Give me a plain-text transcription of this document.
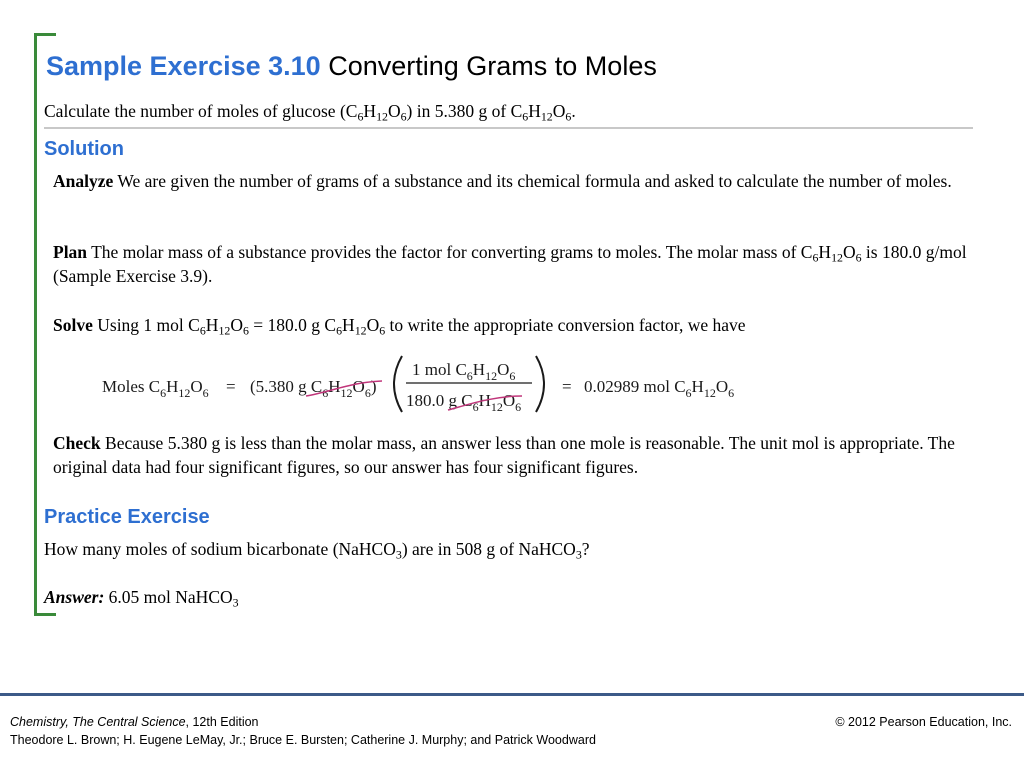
Sample Exercise 3.10 Converting Grams to Moles
Calculate the number of moles of glucose $(C_6H_{12}O_6)$ in 5.380 g of $C_6H_{12}O_6$.
Solution
Analyze We are given the number of grams of a substance and its chemical formula and asked to calculate the number of moles.
Plan The molar mass of a substance provides the factor for converting grams to moles. The molar mass of $C_6H_{12}O_6$ is 180.0 g/mol (Sample Exercise 3.9).
Solve Using 1 mol $C_6H_{12}O_6 = 180.0$ g $C_6H_{12}O_6$ to write the appropriate conversion factor, we have
Moles $C_6H_{12}O_6 = (5.380$ g $C_6H_{12}O_6$)
1 mol $C_6H_{12}O_6$
180.0 g $C_6H_{12}O_6$
= 0.02989 mol $C_6H_{12}O_6$
Check Because 5.380 g is less than the molar mass, an answer less than one mole is reasonable. The unit mol is appropriate. The original data had four significant figures, so our answer has four significant figures.
Practice Exercise
How many moles of sodium bicarbonate (NaHCO$_3$) are in 508 g of NaHCO$_3$?
Answer: 6.05 mol NaHCO$_3$
Chemistry, The Central Science, 12th Edition
Theodore L. Brown; H. Eugene LeMay, Jr.; Bruce E. Bursten; Catherine J. Murphy; and Patrick Woodward
© 2012 Pearson Education, Inc.
